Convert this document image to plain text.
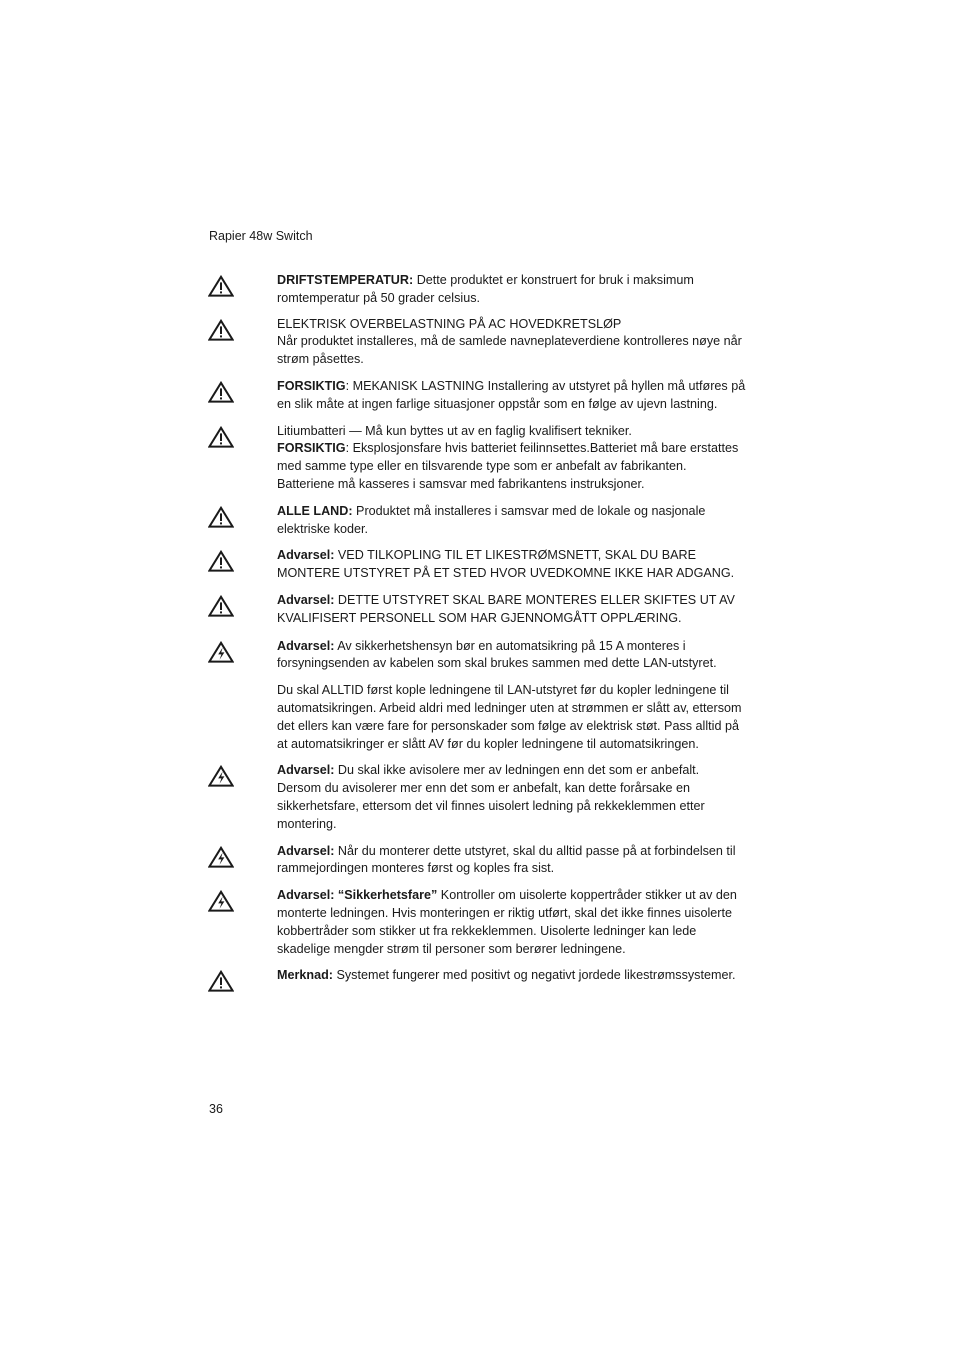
Rapier 48w Switch

DRIFTSTEMPERATUR: Dette produktet er konstruert for bruk i maksimum romtemperatur på 50 grader celsius.

ELEKTRISK OVERBELASTNING PÅ AC HOVEDKRETSLØP

Når produktet installeres, må de samlede navneplateverdiene kontrolleres nøye når strøm påsettes.

FORSIKTIG: MEKANISK LASTNING Installering av utstyret på hyllen må utføres på en slik måte at ingen farlige situasjoner oppstår som en følge av ujevn lastning.

Litiumbatteri — Må kun byttes ut av en faglig kvalifisert tekniker.

FORSIKTIG: Eksplosjonsfare hvis batteriet feilinnsettes.Batteriet må bare erstattes med samme type eller en tilsvarende type som er anbefalt av fabrikanten. Batteriene må kasseres i samsvar med fabrikantens instruksjoner.

ALLE LAND: Produktet må installeres i samsvar med de lokale og nasjonale elektriske koder.

Advarsel: VED TILKOPLING TIL ET LIKESTRØMSNETT, SKAL DU BARE MONTERE UTSTYRET PÅ ET STED HVOR UVEDKOMNE IKKE HAR ADGANG.

Advarsel: DETTE UTSTYRET SKAL BARE MONTERES ELLER SKIFTES UT AV KVALIFISERT PERSONELL SOM HAR GJENNOMGÅTT OPPLÆRING.

Advarsel: Av sikkerhetshensyn bør en automatsikring på 15 A monteres i forsyningsenden av kabelen som skal brukes sammen med dette LAN-utstyret.

Du skal ALLTID først kople ledningene til LAN-utstyret før du kopler ledningene til automatsikringen. Arbeid aldri med ledninger uten at strømmen er slått av, ettersom det ellers kan være fare for personskader som følge av elektrisk støt. Pass alltid på at automatsikringer er slått AV før du kopler ledningene til automatsikringen.

Advarsel: Du skal ikke avisolere mer av ledningen enn det som er anbefalt. Dersom du avisolerer mer enn det som er anbefalt, kan dette forårsake en sikkerhetsfare, ettersom det vil finnes uisolert ledning på rekkeklemmen etter montering.

Advarsel: Når du monterer dette utstyret, skal du alltid passe på at forbindelsen til rammejordingen monteres først og koples fra sist.

Advarsel: “Sikkerhetsfare” Kontroller om uisolerte koppertråder stikker ut av den monterte ledningen. Hvis monteringen er riktig utført, skal det ikke finnes uisolerte kobbertråder som stikker ut fra rekkeklemmen. Uisolerte ledninger kan lede skadelige mengder strøm til personer som berører ledningene.

Merknad: Systemet fungerer med positivt og negativt jordede likestrømssystemer.

36
